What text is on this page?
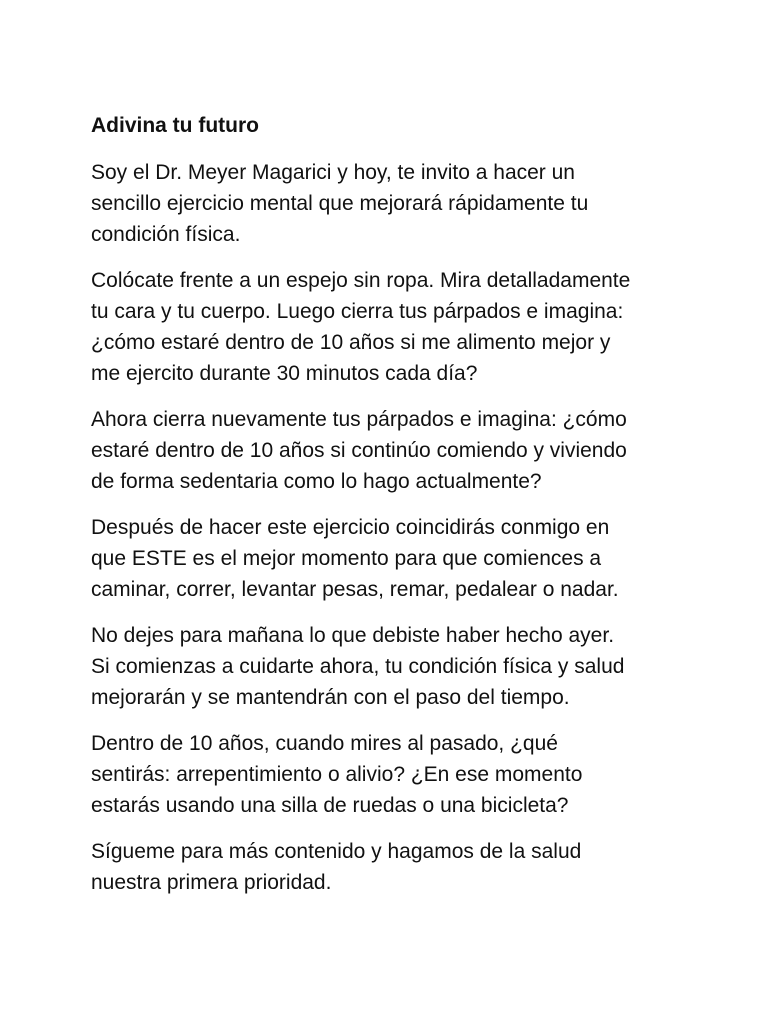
Adivina tu futuro

Soy el Dr. Meyer Magarici y hoy, te invito a hacer un
sencillo ejercicio mental que mejorará rápidamente tu
condición física.

Colócate frente a un espejo sin ropa. Mira detalladamente
tu cara y tu cuerpo. Luego cierra tus párpados e imagina:
¿cómo estaré dentro de 10 años si me alimento mejor y
me ejercito durante 30 minutos cada día?

Ahora cierra nuevamente tus párpados e imagina: ¿cómo
estaré dentro de 10 años si continúo comiendo y viviendo
de forma sedentaria como lo hago actualmente?

Después de hacer este ejercicio coincidirás conmigo en
que ESTE es el mejor momento para que comiences a
caminar, correr, levantar pesas, remar, pedalear o nadar.

No dejes para mañana lo que debiste haber hecho ayer.
Si comienzas a cuidarte ahora, tu condición física y salud
mejorarán y se mantendrán con el paso del tiempo.

Dentro de 10 años, cuando mires al pasado, ¿qué
sentirás: arrepentimiento o alivio? ¿En ese momento
estarás usando una silla de ruedas o una bicicleta?

Sígueme para más contenido y hagamos de la salud
nuestra primera prioridad.
